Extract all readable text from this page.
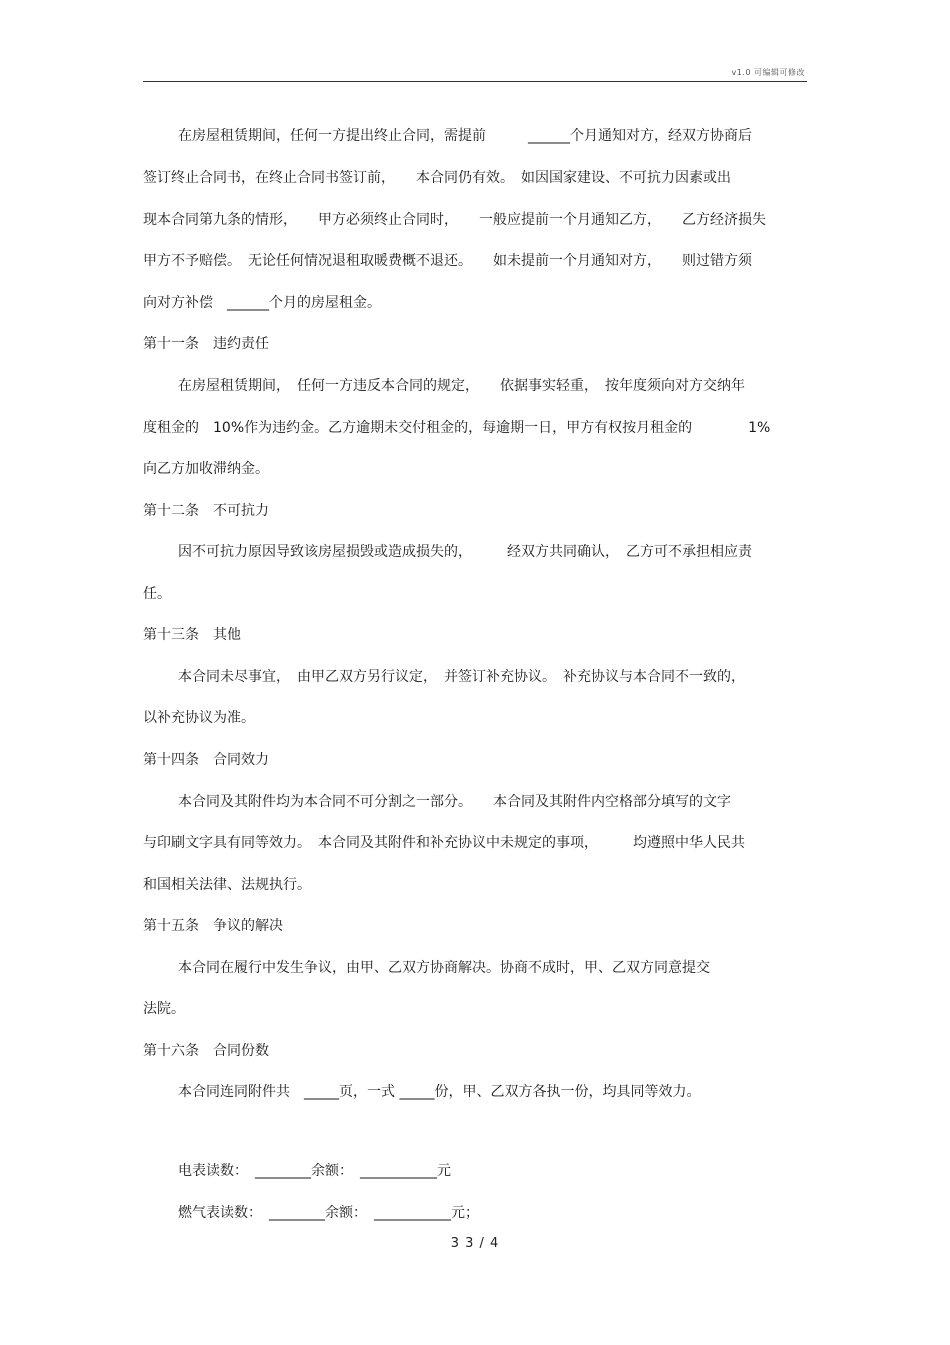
v1.0 可编辑可修改
在房屋租赁期间，任何一方提出终止合同，需提前　　　______个月通知对方，经双方协商后
签订终止合同书，在终止合同书签订前，　　本合同仍有效。　如因国家建设、不可抗力因素或出
现本合同第九条的情形，　　甲方必须终止合同时，　　一般应提前一个月通知乙方，　　乙方经济损失
甲方不予赔偿。　无论任何情况退租取暖费概不退还。　　如未提前一个月通知对方，　　则过错方须
向对方补偿　______个月的房屋租金。
第十一条　违约责任
在房屋租赁期间，　任何一方违反本合同的规定，　　依据事实轻重，　按年度须向对方交纳年
度租金的　10%作为违约金。乙方逾期未交付租金的，每逾期一日，甲方有权按月租金的　　　　1%
向乙方加收滞纳金。
第十二条　不可抗力
因不可抗力原因导致该房屋损毁或造成损失的，　　　经双方共同确认，　乙方可不承担相应责
任。
第十三条　其他
本合同未尽事宜，　由甲乙双方另行议定，　并签订补充协议。　补充协议与本合同不一致的，
以补充协议为准。
第十四条　合同效力
本合同及其附件均为本合同不可分割之一部分。　　本合同及其附件内空格部分填写的文字
与印刷文字具有同等效力。　本合同及其附件和补充协议中未规定的事项，　　　均遵照中华人民共
和国相关法律、法规执行。
第十五条　争议的解决
本合同在履行中发生争议，由甲、乙双方协商解决。协商不成时，甲、乙双方同意提交
法院。
第十六条　合同份数
本合同连同附件共　_____页，一式 _____份，甲、乙双方各执一份，均具同等效力。
电表读数：　________余额：　___________元
燃气表读数：　________余额：　___________元；
3 3 / 4
